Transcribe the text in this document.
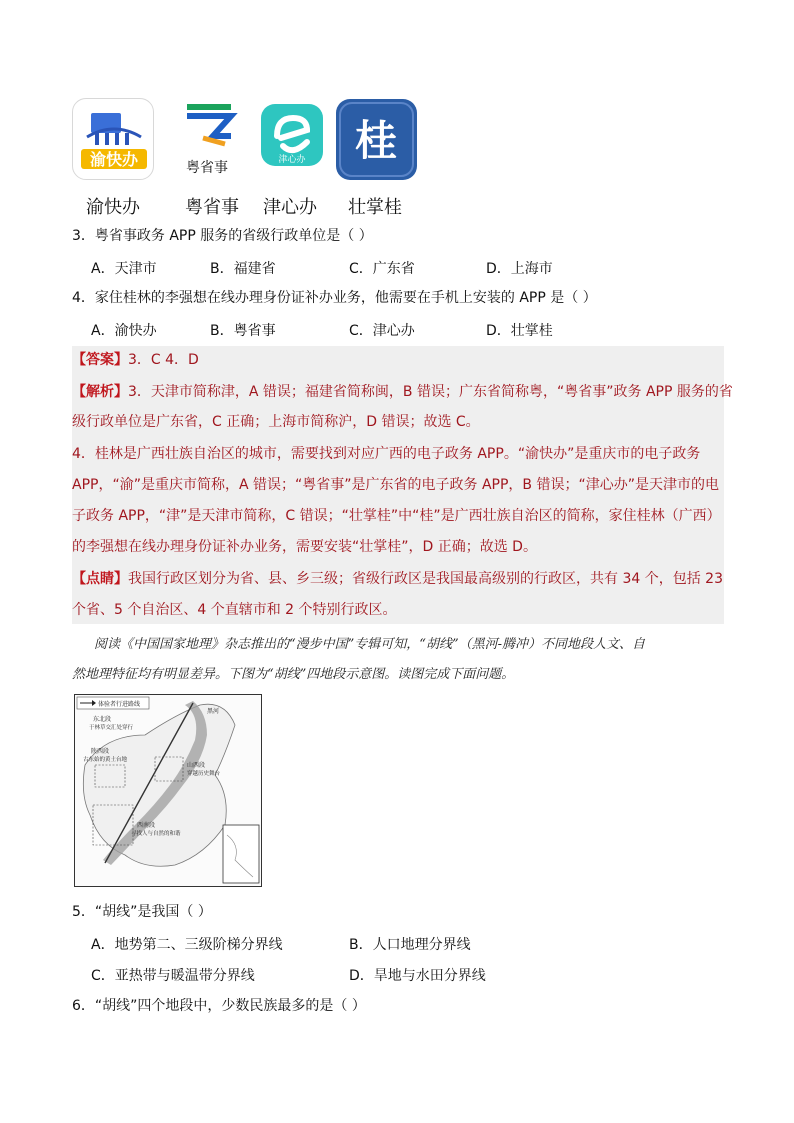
渝快办	粤省事	津心办 桂
渝快办	粤省事 津心办 壮掌桂
3．粤省事政务 APP 服务的省级行政单位是（ ）
A．天津市	B．福建省	C．广东省	D．上海市
4．家住桂林的李强想在线办理身份证补办业务，他需要在手机上安装的 APP 是（ ）
A．渝快办	B．粤省事	C．津心办	D．壮掌桂
【答案】3．C 4．D
【解析】3．天津市简称津，A 错误；福建省简称闽，B 错误；广东省简称粤，“粤省事”政务 APP 服务的省
级行政单位是广东省，C 正确；上海市简称沪，D 错误；故选 C。
4．桂林是广西壮族自治区的城市，需要找到对应广西的电子政务 APP。“渝快办”是重庆市的电子政务
APP，“渝”是重庆市简称，A 错误；“粤省事”是广东省的电子政务 APP，B 错误；“津心办”是天津市的电
子政务 APP，“津”是天津市简称，C 错误；“壮掌桂”中“桂”是广西壮族自治区的简称，家住桂林（广西）
的李强想在线办理身份证补办业务，需要安装“壮掌桂”，D 正确；故选 D。
【点睛】我国行政区划分为省、县、乡三级；省级行政区是我国最高级别的行政区，共有 34 个，包括 23
个省、5 个自治区、4 个直辖市和 2 个特别行政区。
阅读《中国国家地理》杂志推出的“漫步中国”专辑可知，“胡线”（黑河-腾冲）不同地段人文、自
然地理特征均有明显差异。下图为“胡线”四地段示意图。读图完成下面问题。
体验者行进路线
黑河
东北段
于林草交汇处穿行
陕西段
古东始的黄土台地
山西段
穿越历史舞台
西南段
寻找人与自然的和谐
5．“胡线”是我国（ ）
A．地势第二、三级阶梯分界线	B．人口地理分界线
C．亚热带与暖温带分界线	D．旱地与水田分界线
6．“胡线”四个地段中，少数民族最多的是（ ）
